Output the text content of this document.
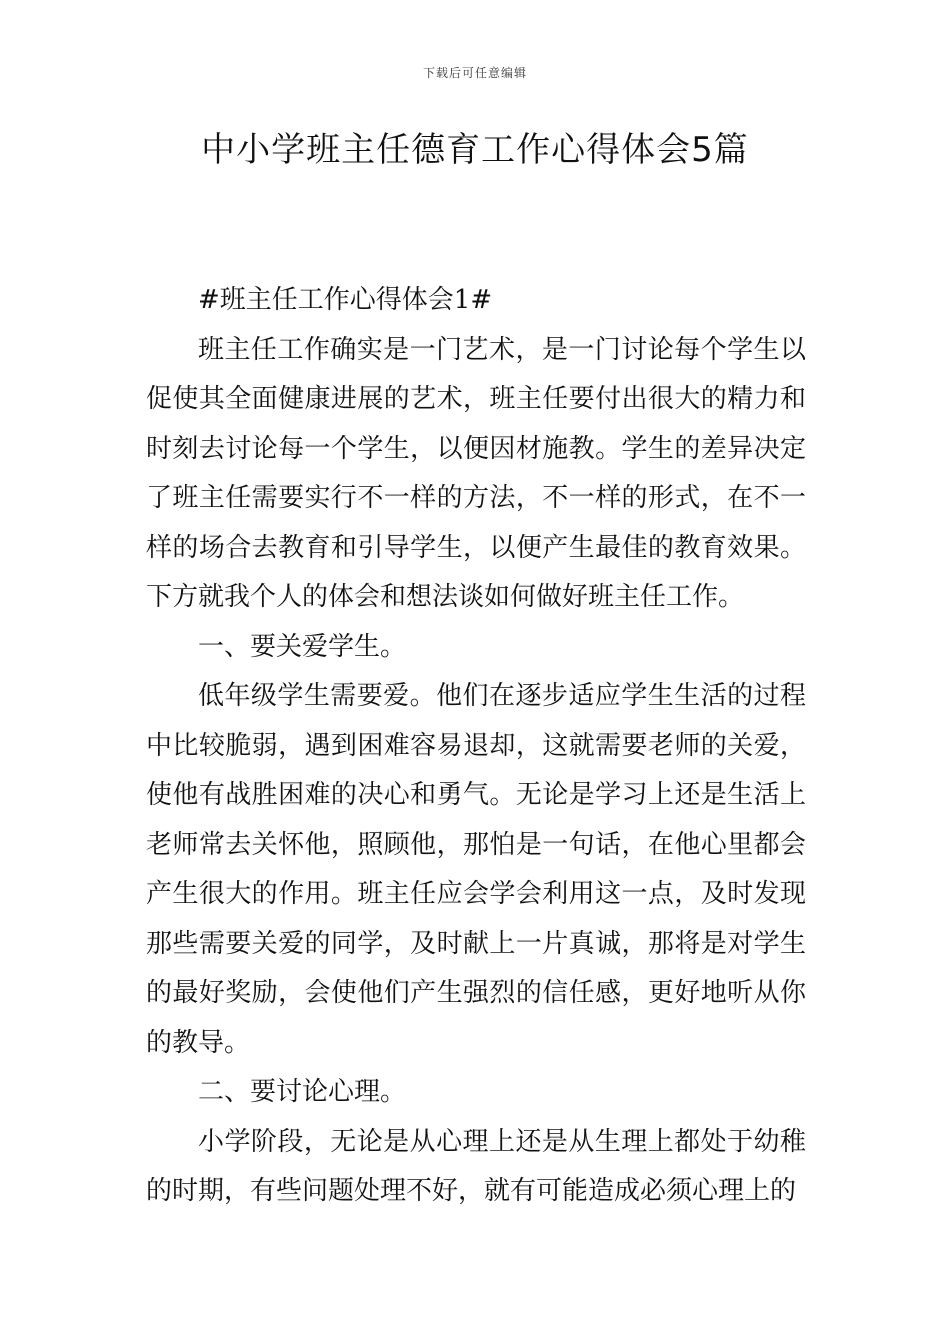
下载后可任意编辑
中小学班主任德育工作心得体会5篇

#班主任工作心得体会1#

班主任工作确实是一门艺术，是一门讨论每个学生以促使其全面健康进展的艺术，班主任要付出很大的精力和时刻去讨论每一个学生，以便因材施教。学生的差异决定了班主任需要实行不一样的方法，不一样的形式，在不一样的场合去教育和引导学生，以便产生最佳的教育效果。下方就我个人的体会和想法谈如何做好班主任工作。

一、要关爱学生。

低年级学生需要爱。他们在逐步适应学生生活的过程中比较脆弱，遇到困难容易退却，这就需要老师的关爱，使他有战胜困难的决心和勇气。无论是学习上还是生活上老师常去关怀他，照顾他，那怕是一句话，在他心里都会产生很大的作用。班主任应会学会利用这一点，及时发现那些需要关爱的同学，及时献上一片真诚，那将是对学生的最好奖励，会使他们产生强烈的信任感，更好地听从你的教导。

二、要讨论心理。

小学阶段，无论是从心理上还是从生理上都处于幼稚的时期，有些问题处理不好，就有可能造成必须心理上的
